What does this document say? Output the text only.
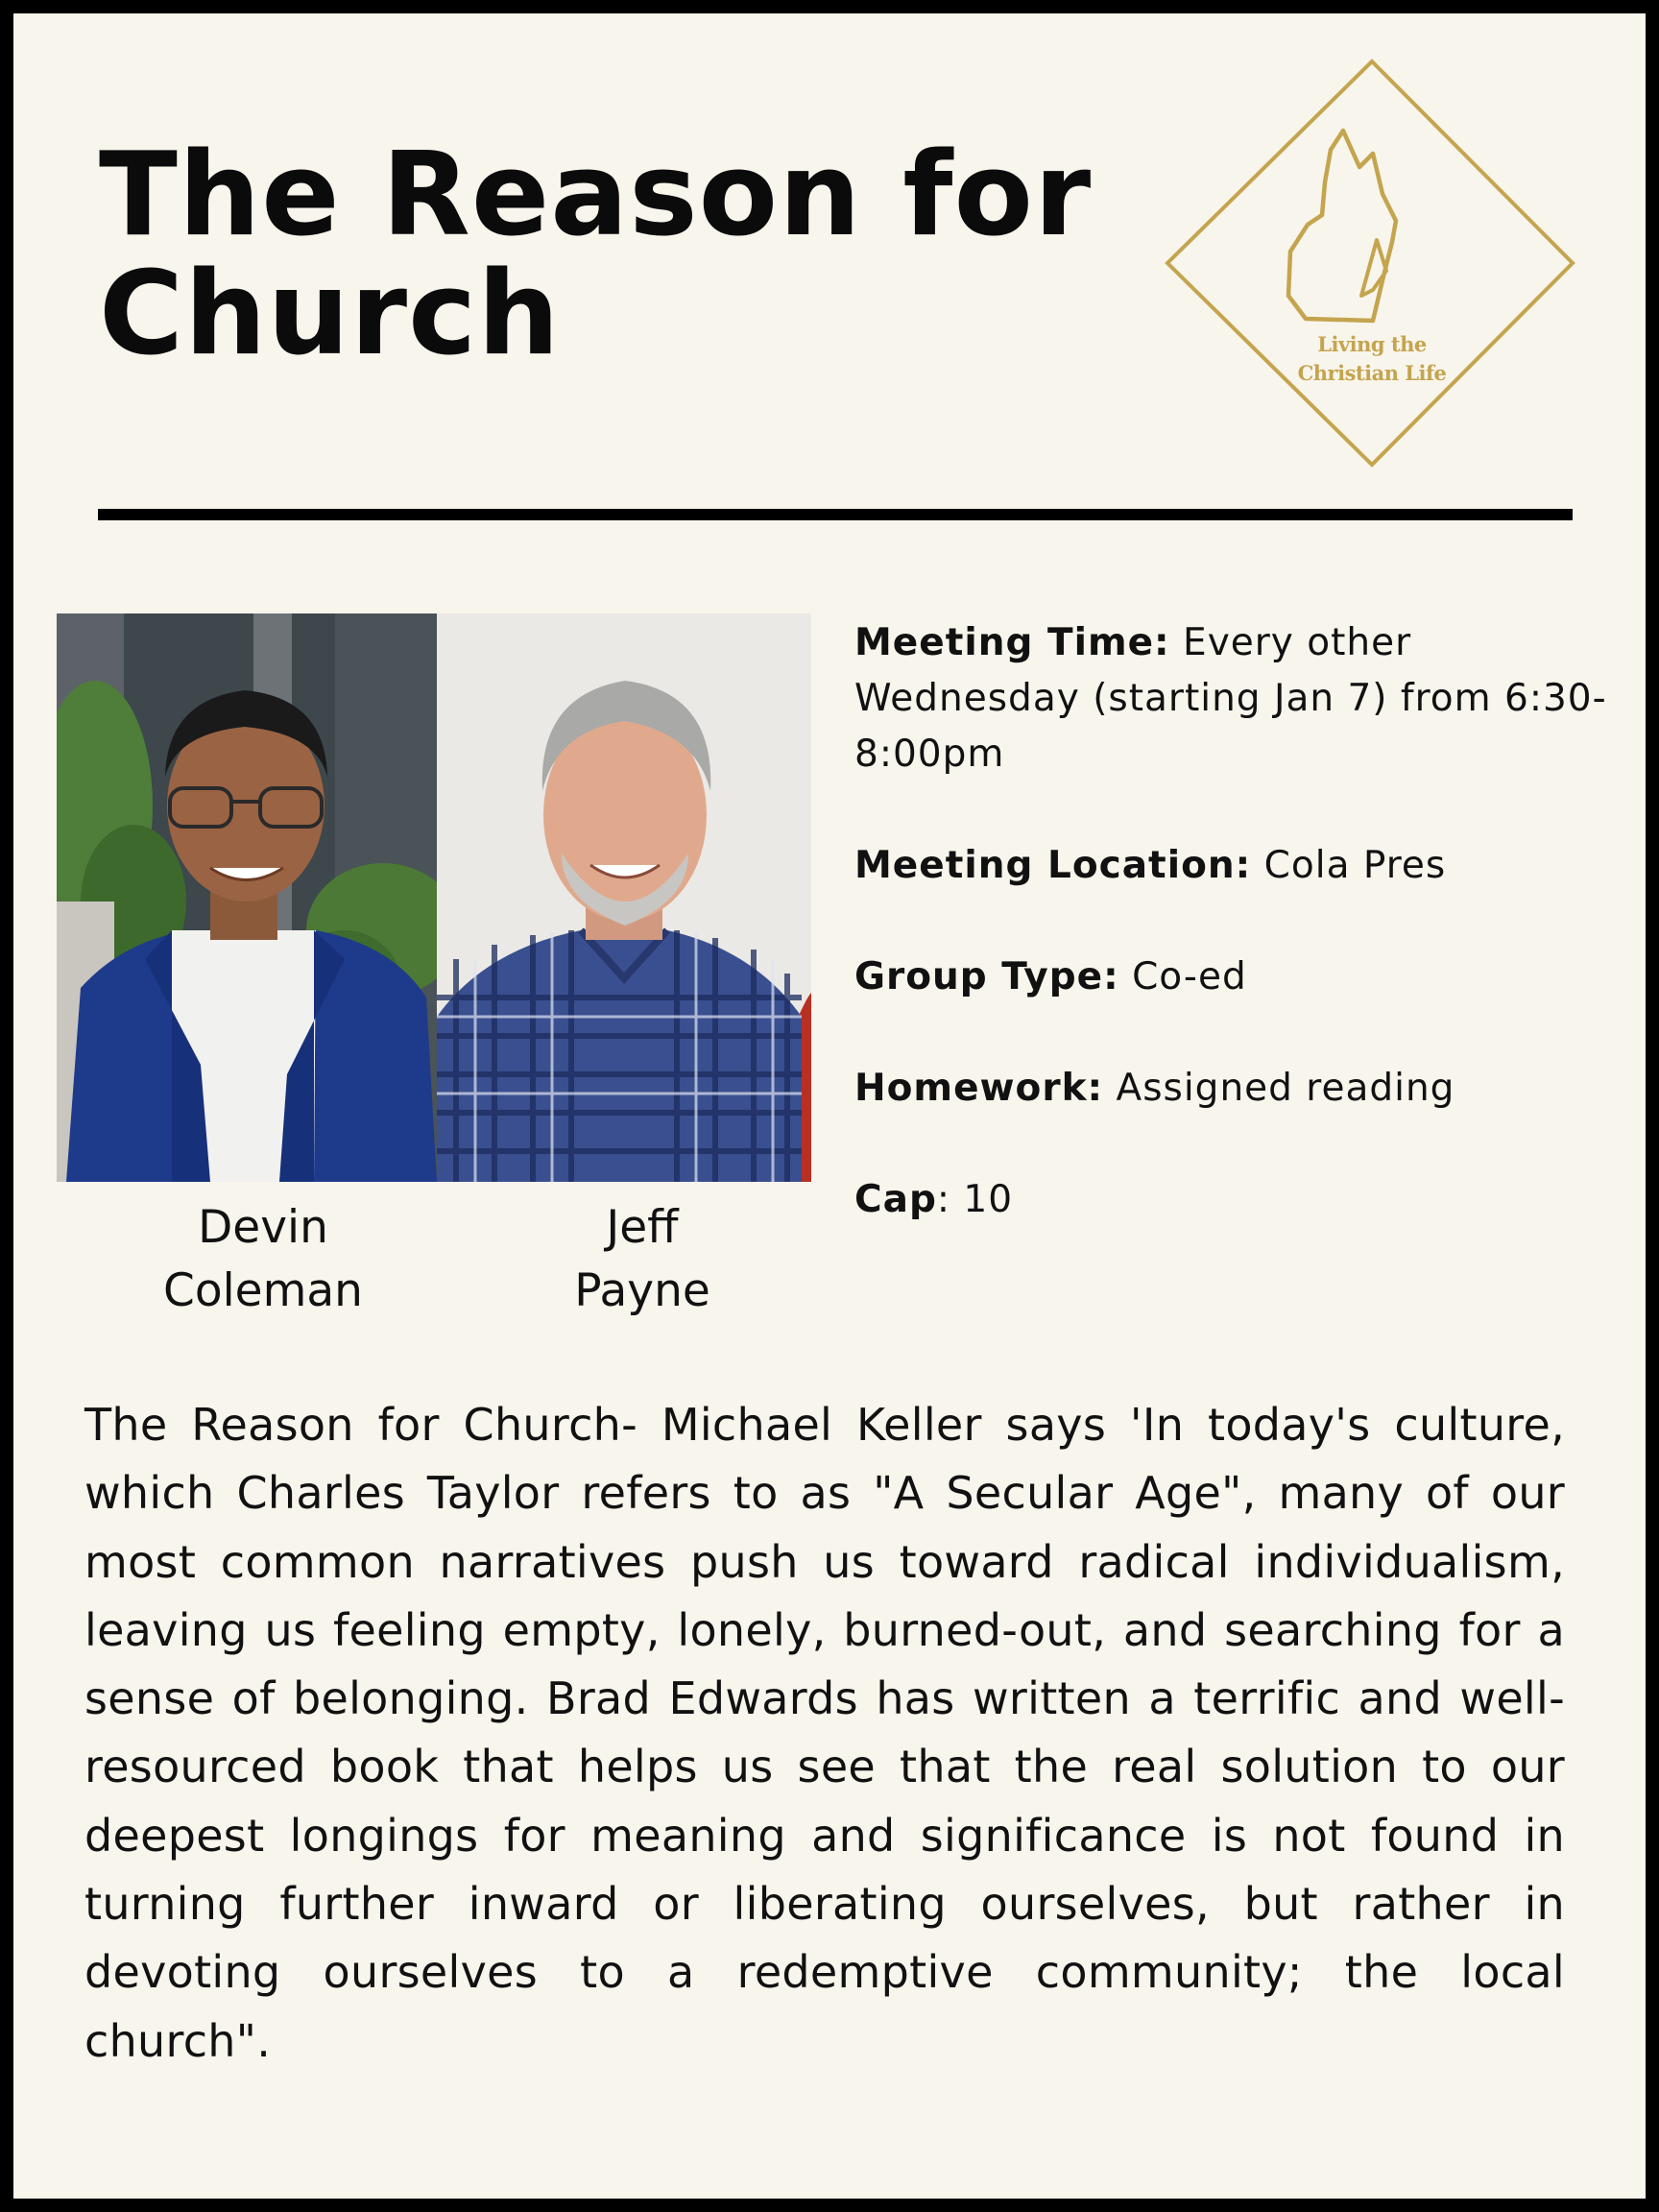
The Reason for
Church	Living the
Christian Life
Devin
Coleman
Jeff
Payne

Meeting Time: Every other Wednesday (starting Jan 7) from 6:30-8:00pm

Meeting Location: Cola Pres

Group Type: Co-ed

Homework: Assigned reading

Cap: 10

The Reason for Church- Michael Keller says 'In today's culture, which Charles Taylor refers to as "A Secular Age", many of our most common narratives push us toward radical individualism, leaving us feeling empty, lonely, burned-out, and searching for a sense of belonging. Brad Edwards has written a terrific and well-resourced book that helps us see that the real solution to our deepest longings for meaning and significance is not found in turning further inward or liberating ourselves, but rather in devoting ourselves to a redemptive community; the local church".
